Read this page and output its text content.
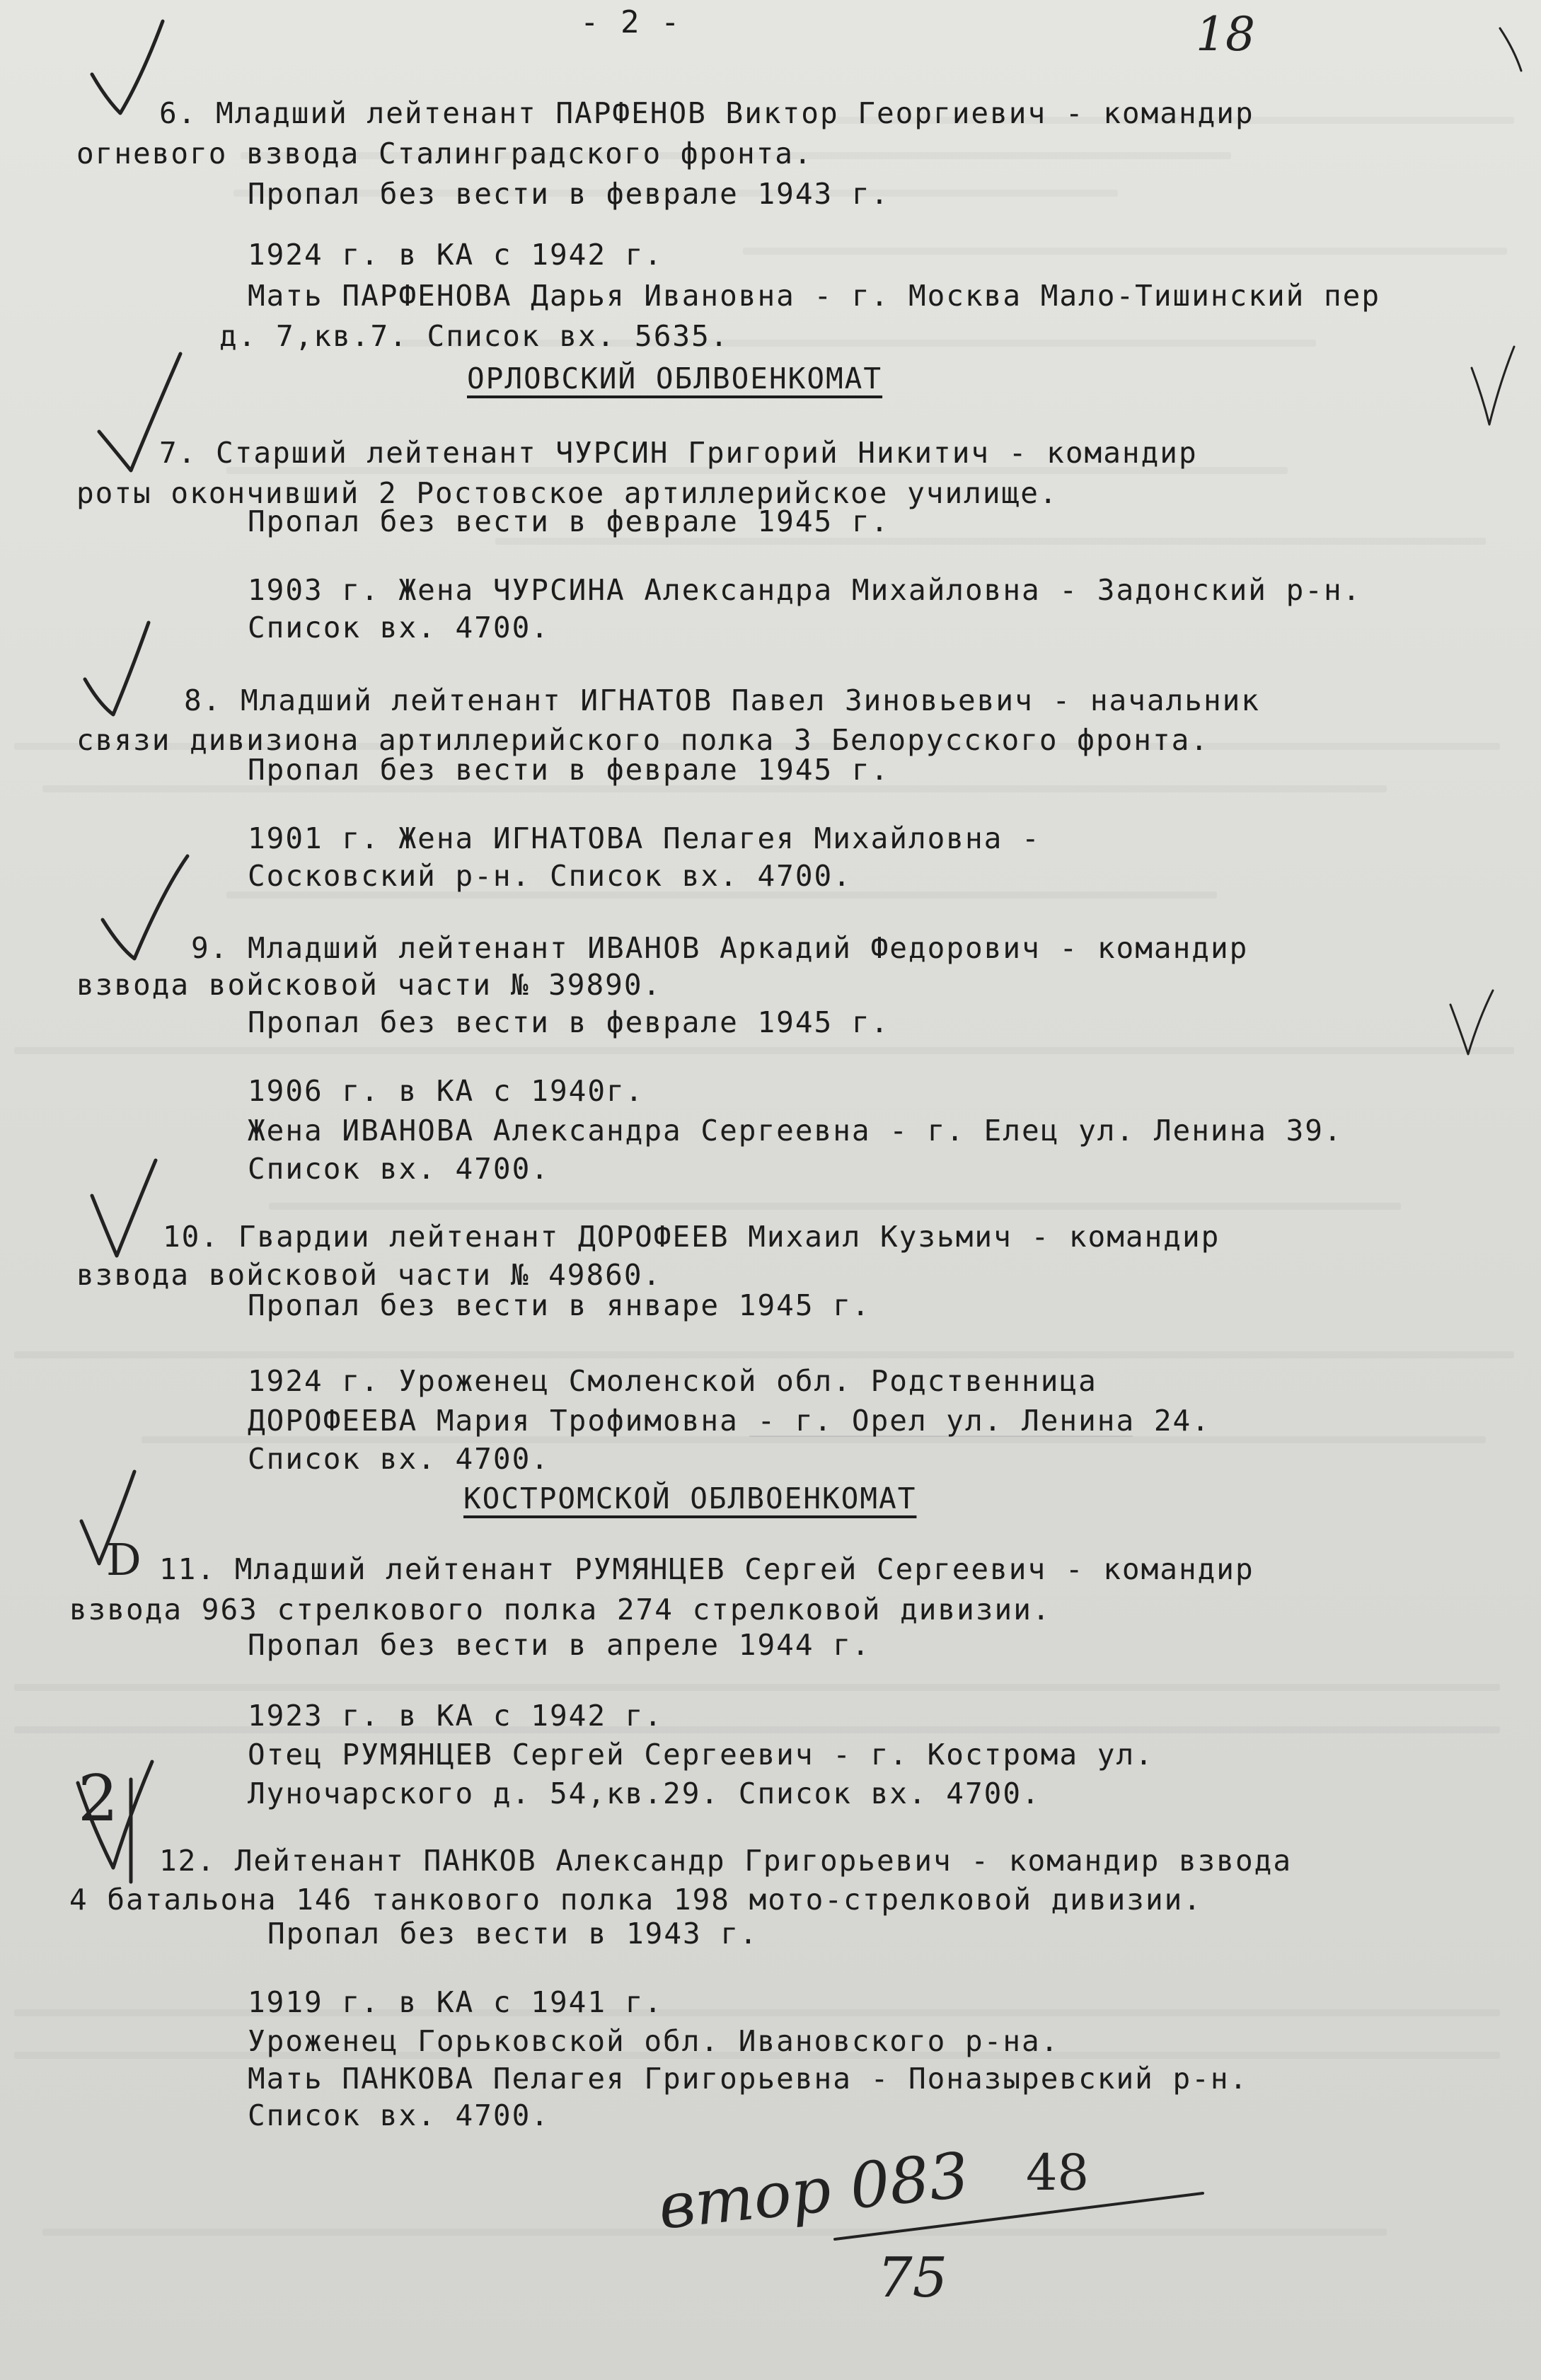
- 2 -	18
6. Младший лейтенант ПАРФЕНОВ Виктор Георгиевич - командир
огневого взвода Сталинградского фронта.
Пропал без вести в феврале 1943 г.
1924 г. в КА с 1942 г.
Мать ПАРФЕНОВА Дарья Ивановна - г. Москва Мало-Тишинский пер
д. 7,кв.7. Список вх. 5635.
ОРЛОВСКИЙ ОБЛВОЕНКОМАТ
7. Старший лейтенант ЧУРСИН Григорий Никитич - командир
роты окончивший 2 Ростовское артиллерийское училище.
Пропал без вести в феврале 1945 г.
1903 г. Жена ЧУРСИНА Александра Михайловна - Задонский р-н.
Список вх. 4700.
8. Младший лейтенант ИГНАТОВ Павел Зиновьевич - начальник
связи дивизиона артиллерийского полка 3 Белорусского фронта.
Пропал без вести в феврале 1945 г.
1901 г. Жена ИГНАТОВА Пелагея Михайловна -
Сосковский р-н. Список вх. 4700.
9. Младший лейтенант ИВАНОВ Аркадий Федорович - командир
взвода войсковой части № 39890.
Пропал без вести в феврале 1945 г.
1906 г. в КА с 1940г.
Жена ИВАНОВА Александра Сергеевна - г. Елец ул. Ленина 39.
Список вх. 4700.
10. Гвардии лейтенант ДОРОФЕЕВ Михаил Кузьмич - командир
взвода войсковой части № 49860.
Пропал без вести в январе 1945 г.
1924 г. Уроженец Смоленской обл. Родственница
ДОРОФЕЕВА Мария Трофимовна - г. Орел ул. Ленина 24.
Список вх. 4700.
КОСТРОМСКОЙ ОБЛВОЕНКОМАТ
D 11. Младший лейтенант РУМЯНЦЕВ Сергей Сергеевич - командир
взвода 963 стрелкового полка 274 стрелковой дивизии.
Пропал без вести в апреле 1944 г.
1923 г. в КА с 1942 г.
Отец РУМЯНЦЕВ Сергей Сергеевич - г. Кострома ул.
Луночарского д. 54,кв.29. Список вх. 4700.
2
12. Лейтенант ПАНКОВ Александр Григорьевич - командир взвода
4 батальона 146 танкового полка 198 мото-стрелковой дивизии.
Пропал без вести в 1943 г.
1919 г. в КА с 1941 г.
Уроженец Горьковской обл. Ивановского р-на.
Мать ПАНКОВА Пелагея Григорьевна - Поназыревский р-н.
Список вх. 4700.
втор 083 48
75
